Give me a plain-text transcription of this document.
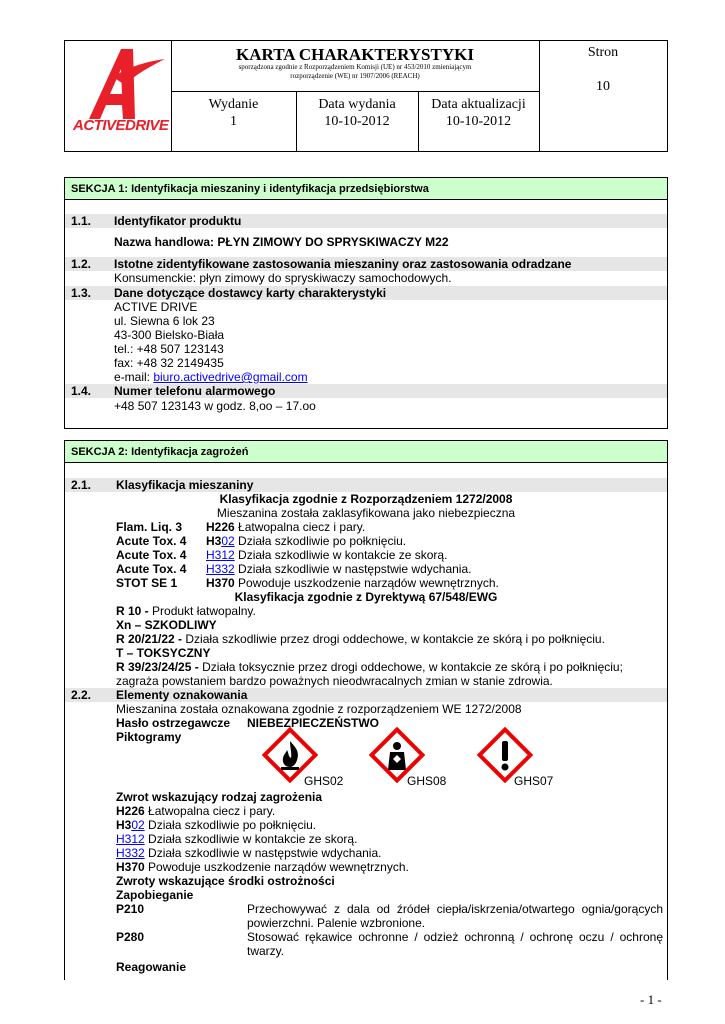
ACTIVEDRIVE
KARTA CHARAKTERYSTYKI
sporządzona zgodnie z Rozporządzeniem Komisji (UE) nr 453/2010 zmieniającym
rozporządzenie (WE) nr 1907/2006 (REACH)
Stron
10
Wydanie
1
Data wydania
10-10-2012
Data aktualizacji
10-10-2012
SEKCJA 1: Identyfikacja mieszaniny i identyfikacja przedsiębiorstwa
1.1. Identyfikator produktu
Nazwa handlowa: PŁYN ZIMOWY DO SPRYSKIWACZY M22
1.2. Istotne zidentyfikowane zastosowania mieszaniny oraz zastosowania odradzane
Konsumenckie: płyn zimowy do spryskiwaczy samochodowych.
1.3. Dane dotyczące dostawcy karty charakterystyki
ACTIVE DRIVE
ul. Siewna 6 lok 23
43-300 Bielsko-Biała
tel.: +48 507 123143
fax: +48 32 2149435
e-mail: biuro.activedrive@gmail.com
1.4. Numer telefonu alarmowego
+48 507 123143 w godz. 8,oo – 17.oo
SEKCJA 2: Identyfikacja zagrożeń
2.1. Klasyfikacja mieszaniny
Klasyfikacja zgodnie z Rozporządzeniem 1272/2008
Mieszanina została zaklasyfikowana jako niebezpieczna
Flam. Liq. 3 H226 Łatwopalna ciecz i pary.
Acute Tox. 4 H302 Działa szkodliwie po połknięciu.
Acute Tox. 4 H312 Działa szkodliwie w kontakcie ze skorą.
Acute Tox. 4 H332 Działa szkodliwie w następstwie wdychania.
STOT SE 1 H370 Powoduje uszkodzenie narządów wewnętrznych.
Klasyfikacja zgodnie z Dyrektywą 67/548/EWG
R 10 - Produkt łatwopalny.
Xn – SZKODLIWY
R 20/21/22 - Działa szkodliwie przez drogi oddechowe, w kontakcie ze skórą i po połknięciu.
T – TOKSYCZNY
R 39/23/24/25 - Działa toksycznie przez drogi oddechowe, w kontakcie ze skórą i po połknięciu;
zagraża powstaniem bardzo poważnych nieodwracalnych zmian w stanie zdrowia.
2.2. Elementy oznakowania
Mieszanina została oznakowana zgodnie z rozporządzeniem WE 1272/2008
Hasło ostrzegawcze NIEBEZPIECZEŃSTWO
Piktogramy
GHS02	GHS08	GHS07
Zwrot wskazujący rodzaj zagrożenia
H226 Łatwopalna ciecz i pary.
H302 Działa szkodliwie po połknięciu.
H312 Działa szkodliwie w kontakcie ze skorą.
H332 Działa szkodliwie w następstwie wdychania.
H370 Powoduje uszkodzenie narządów wewnętrznych.
Zwroty wskazujące środki ostrożności
Zapobieganie
P210	Przechowywać z dala od źródeł ciepła/iskrzenia/otwartego ognia/gorących powierzchni. Palenie wzbronione.
P280	Stosować rękawice ochronne / odzież ochronną / ochronę oczu / ochronę twarzy.
Reagowanie
- 1 -
